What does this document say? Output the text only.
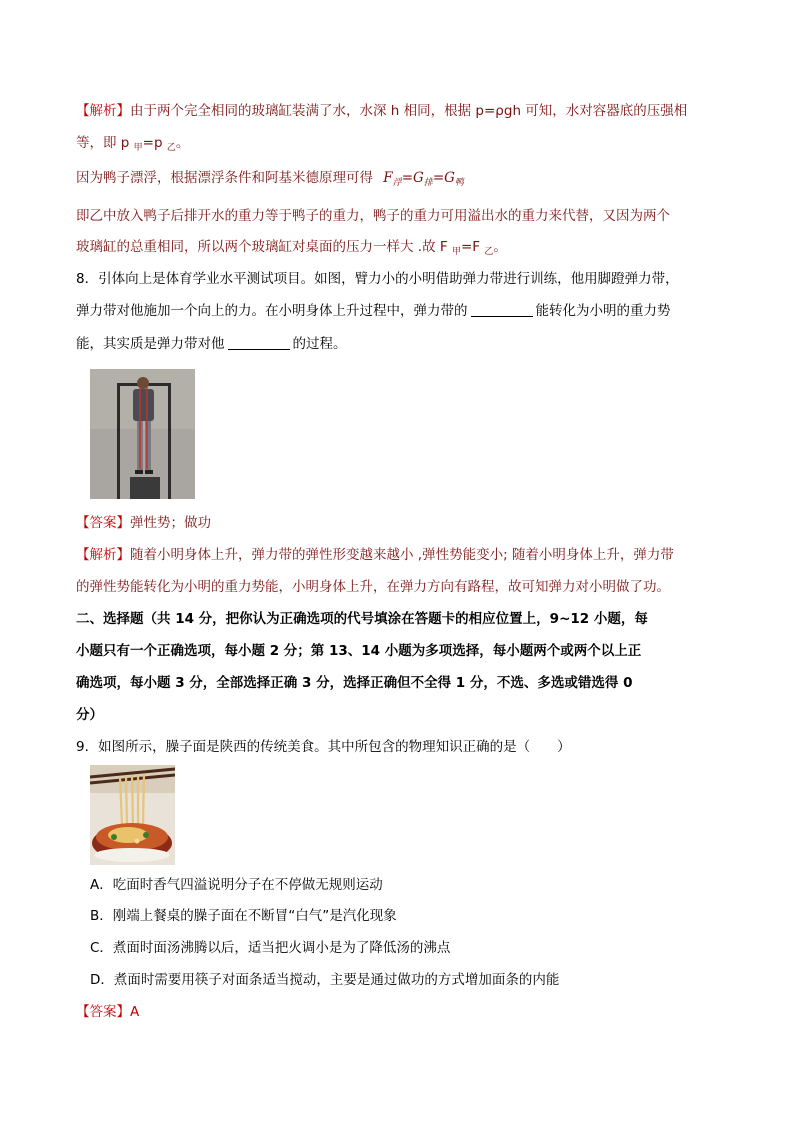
【解析】由于两个完全相同的玻璃缸装满了水，水深 h 相同，根据 p=ρgh 可知，水对容器底的压强相
等，即 p $_甲$=p $_乙$。
因为鸭子漂浮，根据漂浮条件和阿基米德原理可得 $F_浮=G_排=G_鸭$
即乙中放入鸭子后排开水的重力等于鸭子的重力，鸭子的重力可用溢出水的重力来代替，又因为两个
玻璃缸的总重相同，所以两个玻璃缸对桌面的压力一样大 .故 F $_甲$=F $_乙$。
8．引体向上是体育学业水平测试项目。如图，臂力小的小明借助弹力带进行训练，他用脚蹬弹力带，
弹力带对他施加一个向上的力。在小明身体上升过程中，弹力带的	能转化为小明的重力势
能，其实质是弹力带对他	的过程。
【答案】弹性势；做功
【解析】随着小明身体上升，弹力带的弹性形变越来越小 ,弹性势能变小; 随着小明身体上升，弹力带
的弹性势能转化为小明的重力势能，小明身体上升，在弹力方向有路程，故可知弹力对小明做了功。
二、选择题（共 14 分，把你认为正确选项的代号填涂在答题卡的相应位置上，9~12 小题，每
小题只有一个正确选项，每小题 2 分；第 13、14 小题为多项选择，每小题两个或两个以上正
确选项，每小题 3 分，全部选择正确 3 分，选择正确但不全得 1 分，不选、多选或错选得 0
分）
9．如图所示，臊子面是陕西的传统美食。其中所包含的物理知识正确的是（　　）
A．吃面时香气四溢说明分子在不停做无规则运动
B．刚端上餐桌的臊子面在不断冒“白气”是汽化现象
C．煮面时面汤沸腾以后，适当把火调小是为了降低汤的沸点
D．煮面时需要用筷子对面条适当搅动，主要是通过做功的方式增加面条的内能
【答案】A
